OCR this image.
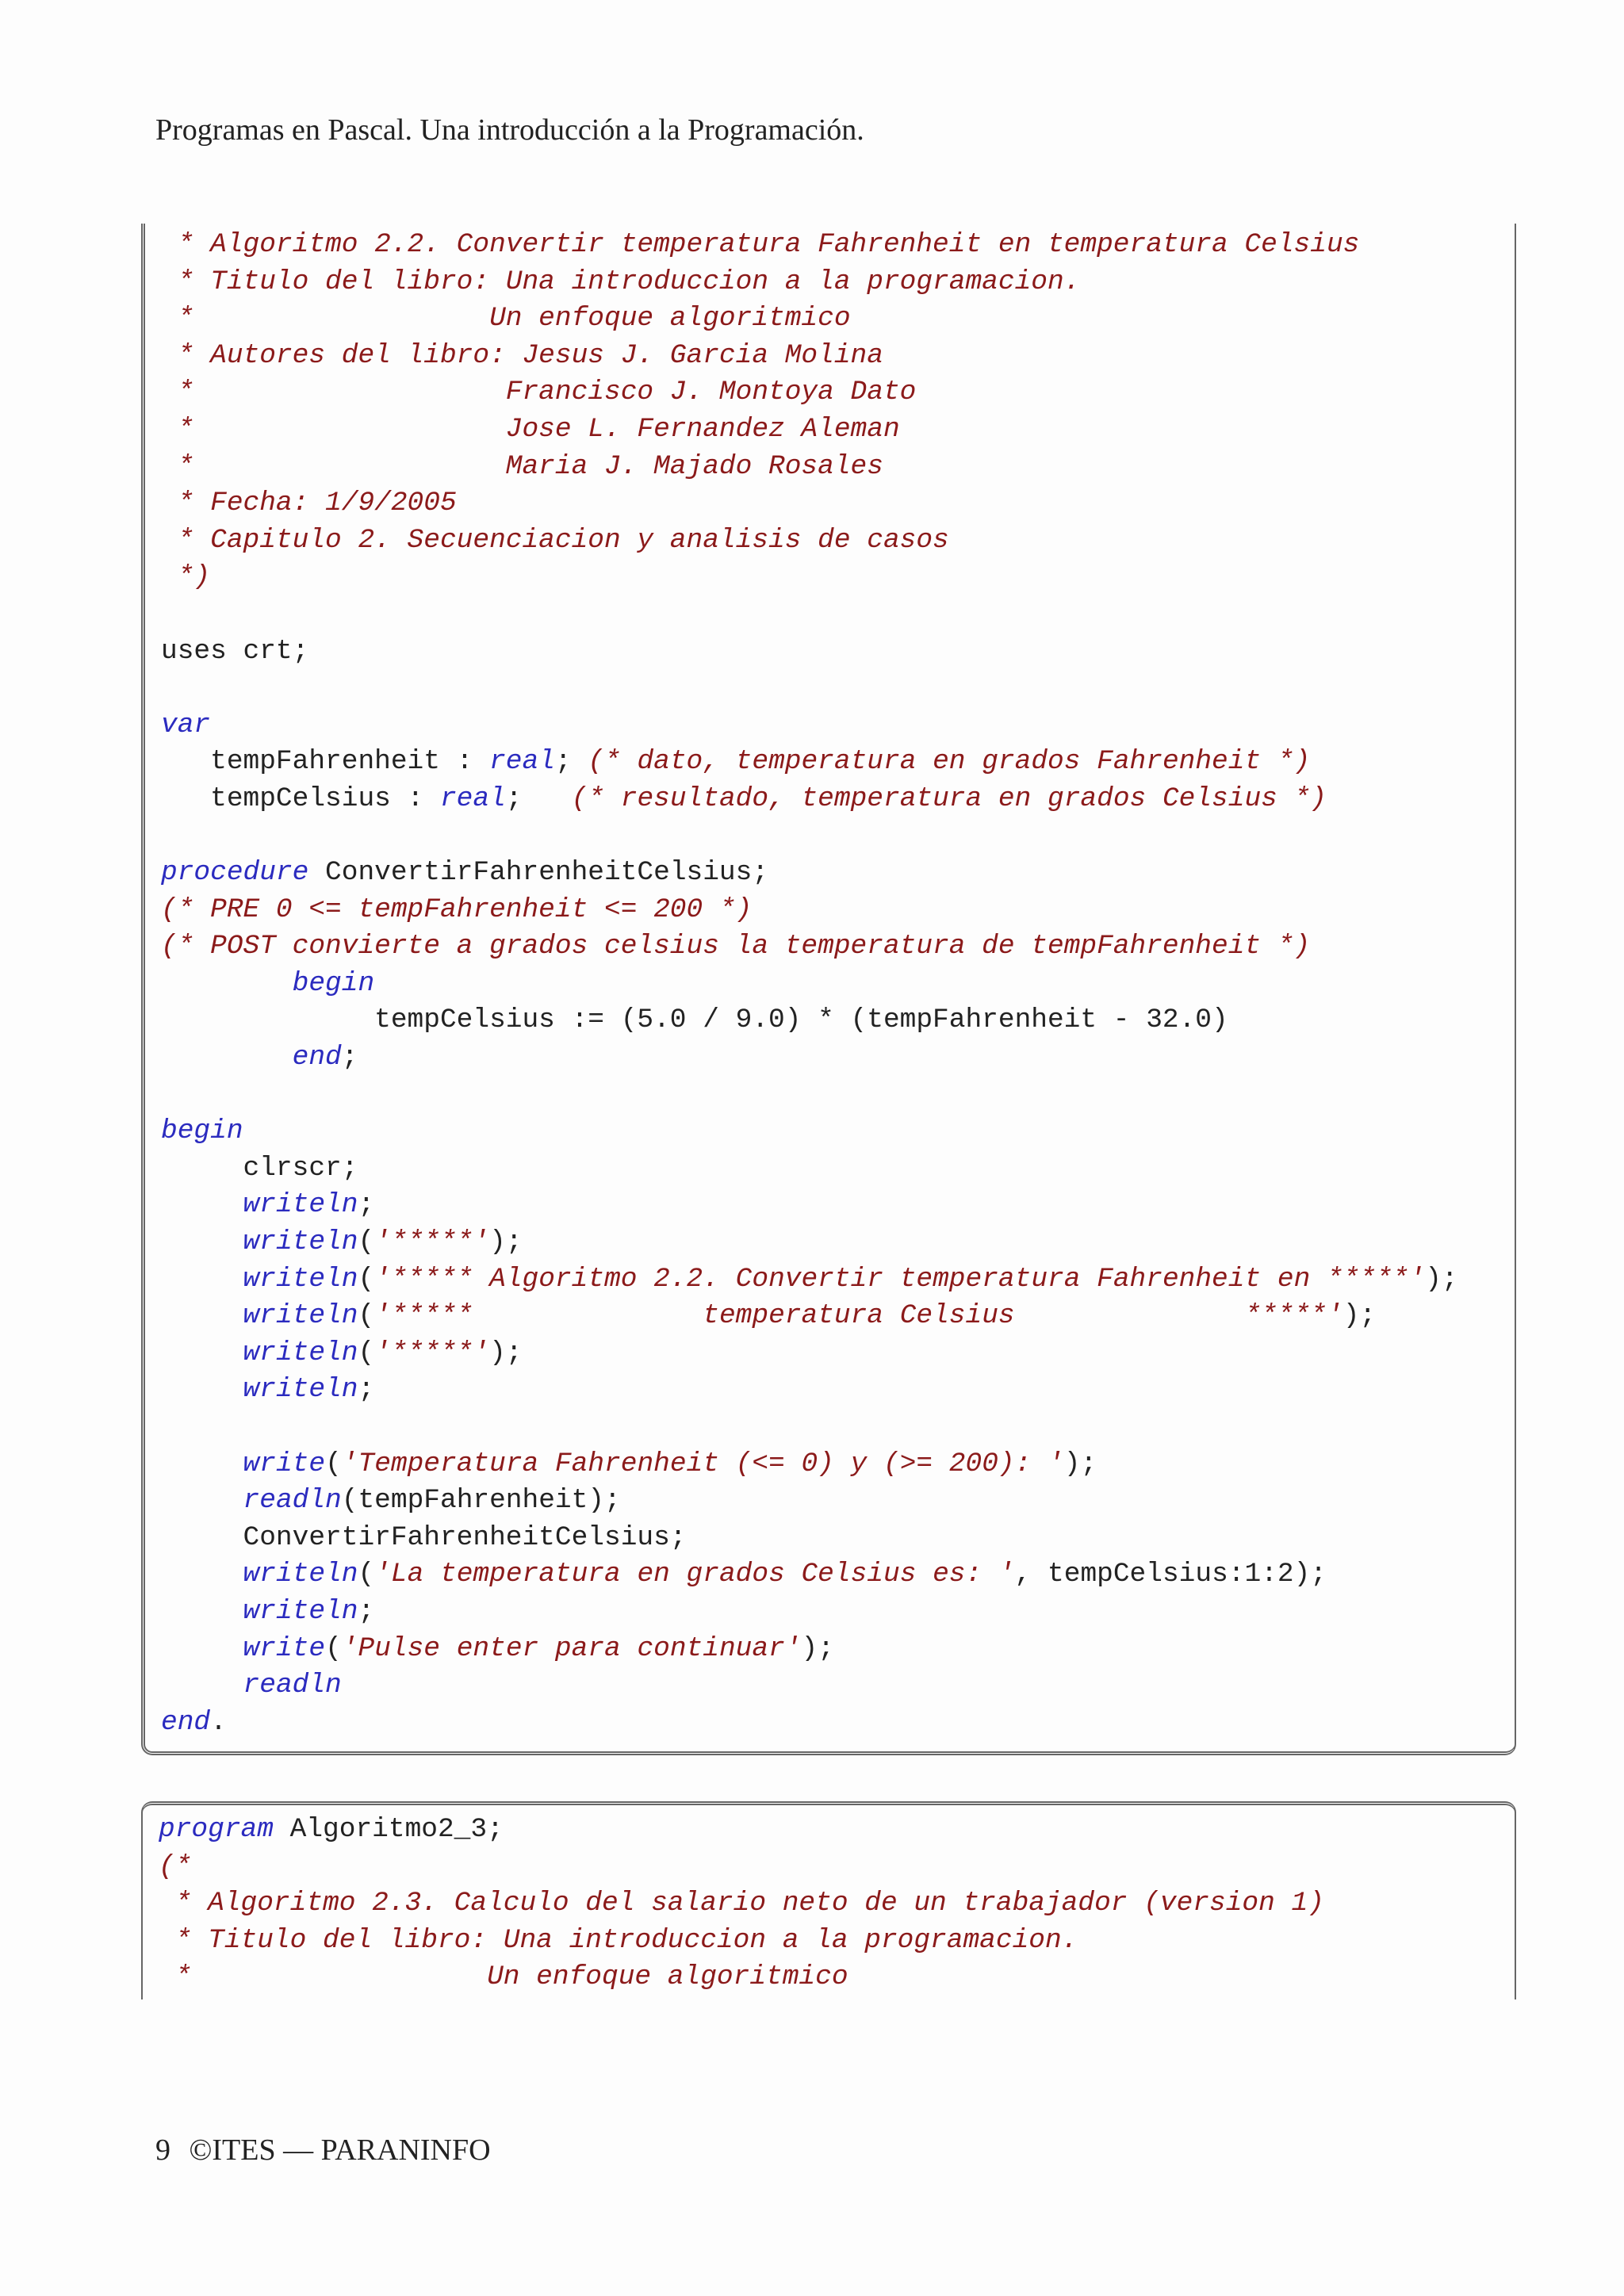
Programas en Pascal. Una introducción a la Programación.
* Algoritmo 2.2. Convertir temperatura Fahrenheit en temperatura Celsius
* Titulo del libro: Una introduccion a la programacion.
*                  Un enfoque algoritmico
* Autores del libro: Jesus J. Garcia Molina
*                   Francisco J. Montoya Dato
*                   Jose L. Fernandez Aleman
*                   Maria J. Majado Rosales
* Fecha: 1/9/2005
* Capitulo 2. Secuenciacion y analisis de casos
*)

uses crt;

var
tempFahrenheit : real; (* dato, temperatura en grados Fahrenheit *)
tempCelsius : real;   (* resultado, temperatura en grados Celsius *)

procedure ConvertirFahrenheitCelsius;
(* PRE 0 <= tempFahrenheit <= 200 *)
(* POST convierte a grados celsius la temperatura de tempFahrenheit *)
begin
tempCelsius := (5.0 / 9.0) * (tempFahrenheit - 32.0)
end;

begin
clrscr;
writeln;
writeln('*****');
writeln('***** Algoritmo 2.2. Convertir temperatura Fahrenheit en *****');
writeln('*****              temperatura Celsius              *****');
writeln('*****');
writeln;

write('Temperatura Fahrenheit (<= 0) y (>= 200): ');
readln(tempFahrenheit);
ConvertirFahrenheitCelsius;
writeln('La temperatura en grados Celsius es: ', tempCelsius:1:2);
writeln;
write('Pulse enter para continuar');
readln
end.
program Algoritmo2_3;
(*
* Algoritmo 2.3. Calculo del salario neto de un trabajador (version 1)
* Titulo del libro: Una introduccion a la programacion.
*                  Un enfoque algoritmico
9 ©ITES — PARANINFO
